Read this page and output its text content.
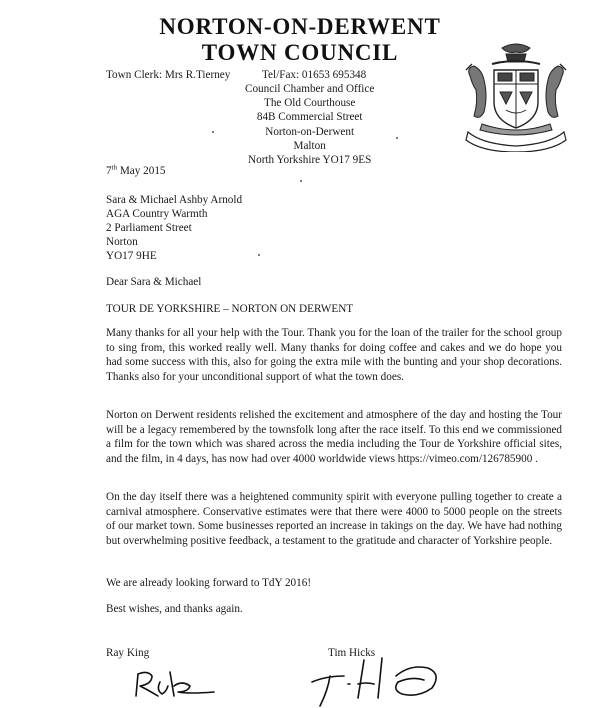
NORTON-ON-DERWENT
TOWN COUNCIL
Town Clerk: Mrs R.Tierney	Tel/Fax: 01653 695348
Council Chamber and Office
The Old Courthouse
84B Commercial Street
Norton-on-Derwent
Malton
North Yorkshire YO17 9ES
7th May 2015
Sara & Michael Ashby Arnold
AGA Country Warmth
2 Parliament Street
Norton
YO17 9HE
Dear Sara & Michael
TOUR DE YORKSHIRE – NORTON ON DERWENT
Many thanks for all your help with the Tour. Thank you for the loan of the trailer for the school group to sing from, this worked really well. Many thanks for doing coffee and cakes and we do hope you had some success with this, also for going the extra mile with the bunting and your shop decorations. Thanks also for your unconditional support of what the town does.
Norton on Derwent residents relished the excitement and atmosphere of the day and hosting the Tour will be a legacy remembered by the townsfolk long after the race itself. To this end we commissioned a film for the town which was shared across the media including the Tour de Yorkshire official sites, and the film, in 4 days, has now had over 4000 worldwide views https://vimeo.com/126785900 .
On the day itself there was a heightened community spirit with everyone pulling together to create a carnival atmosphere. Conservative estimates were that there were 4000 to 5000 people on the streets of our market town. Some businesses reported an increase in takings on the day. We have had nothing but overwhelming positive feedback, a testament to the gratitude and character of Yorkshire people.
We are already looking forward to TdY 2016!
Best wishes, and thanks again.
Ray King	Tim Hicks
